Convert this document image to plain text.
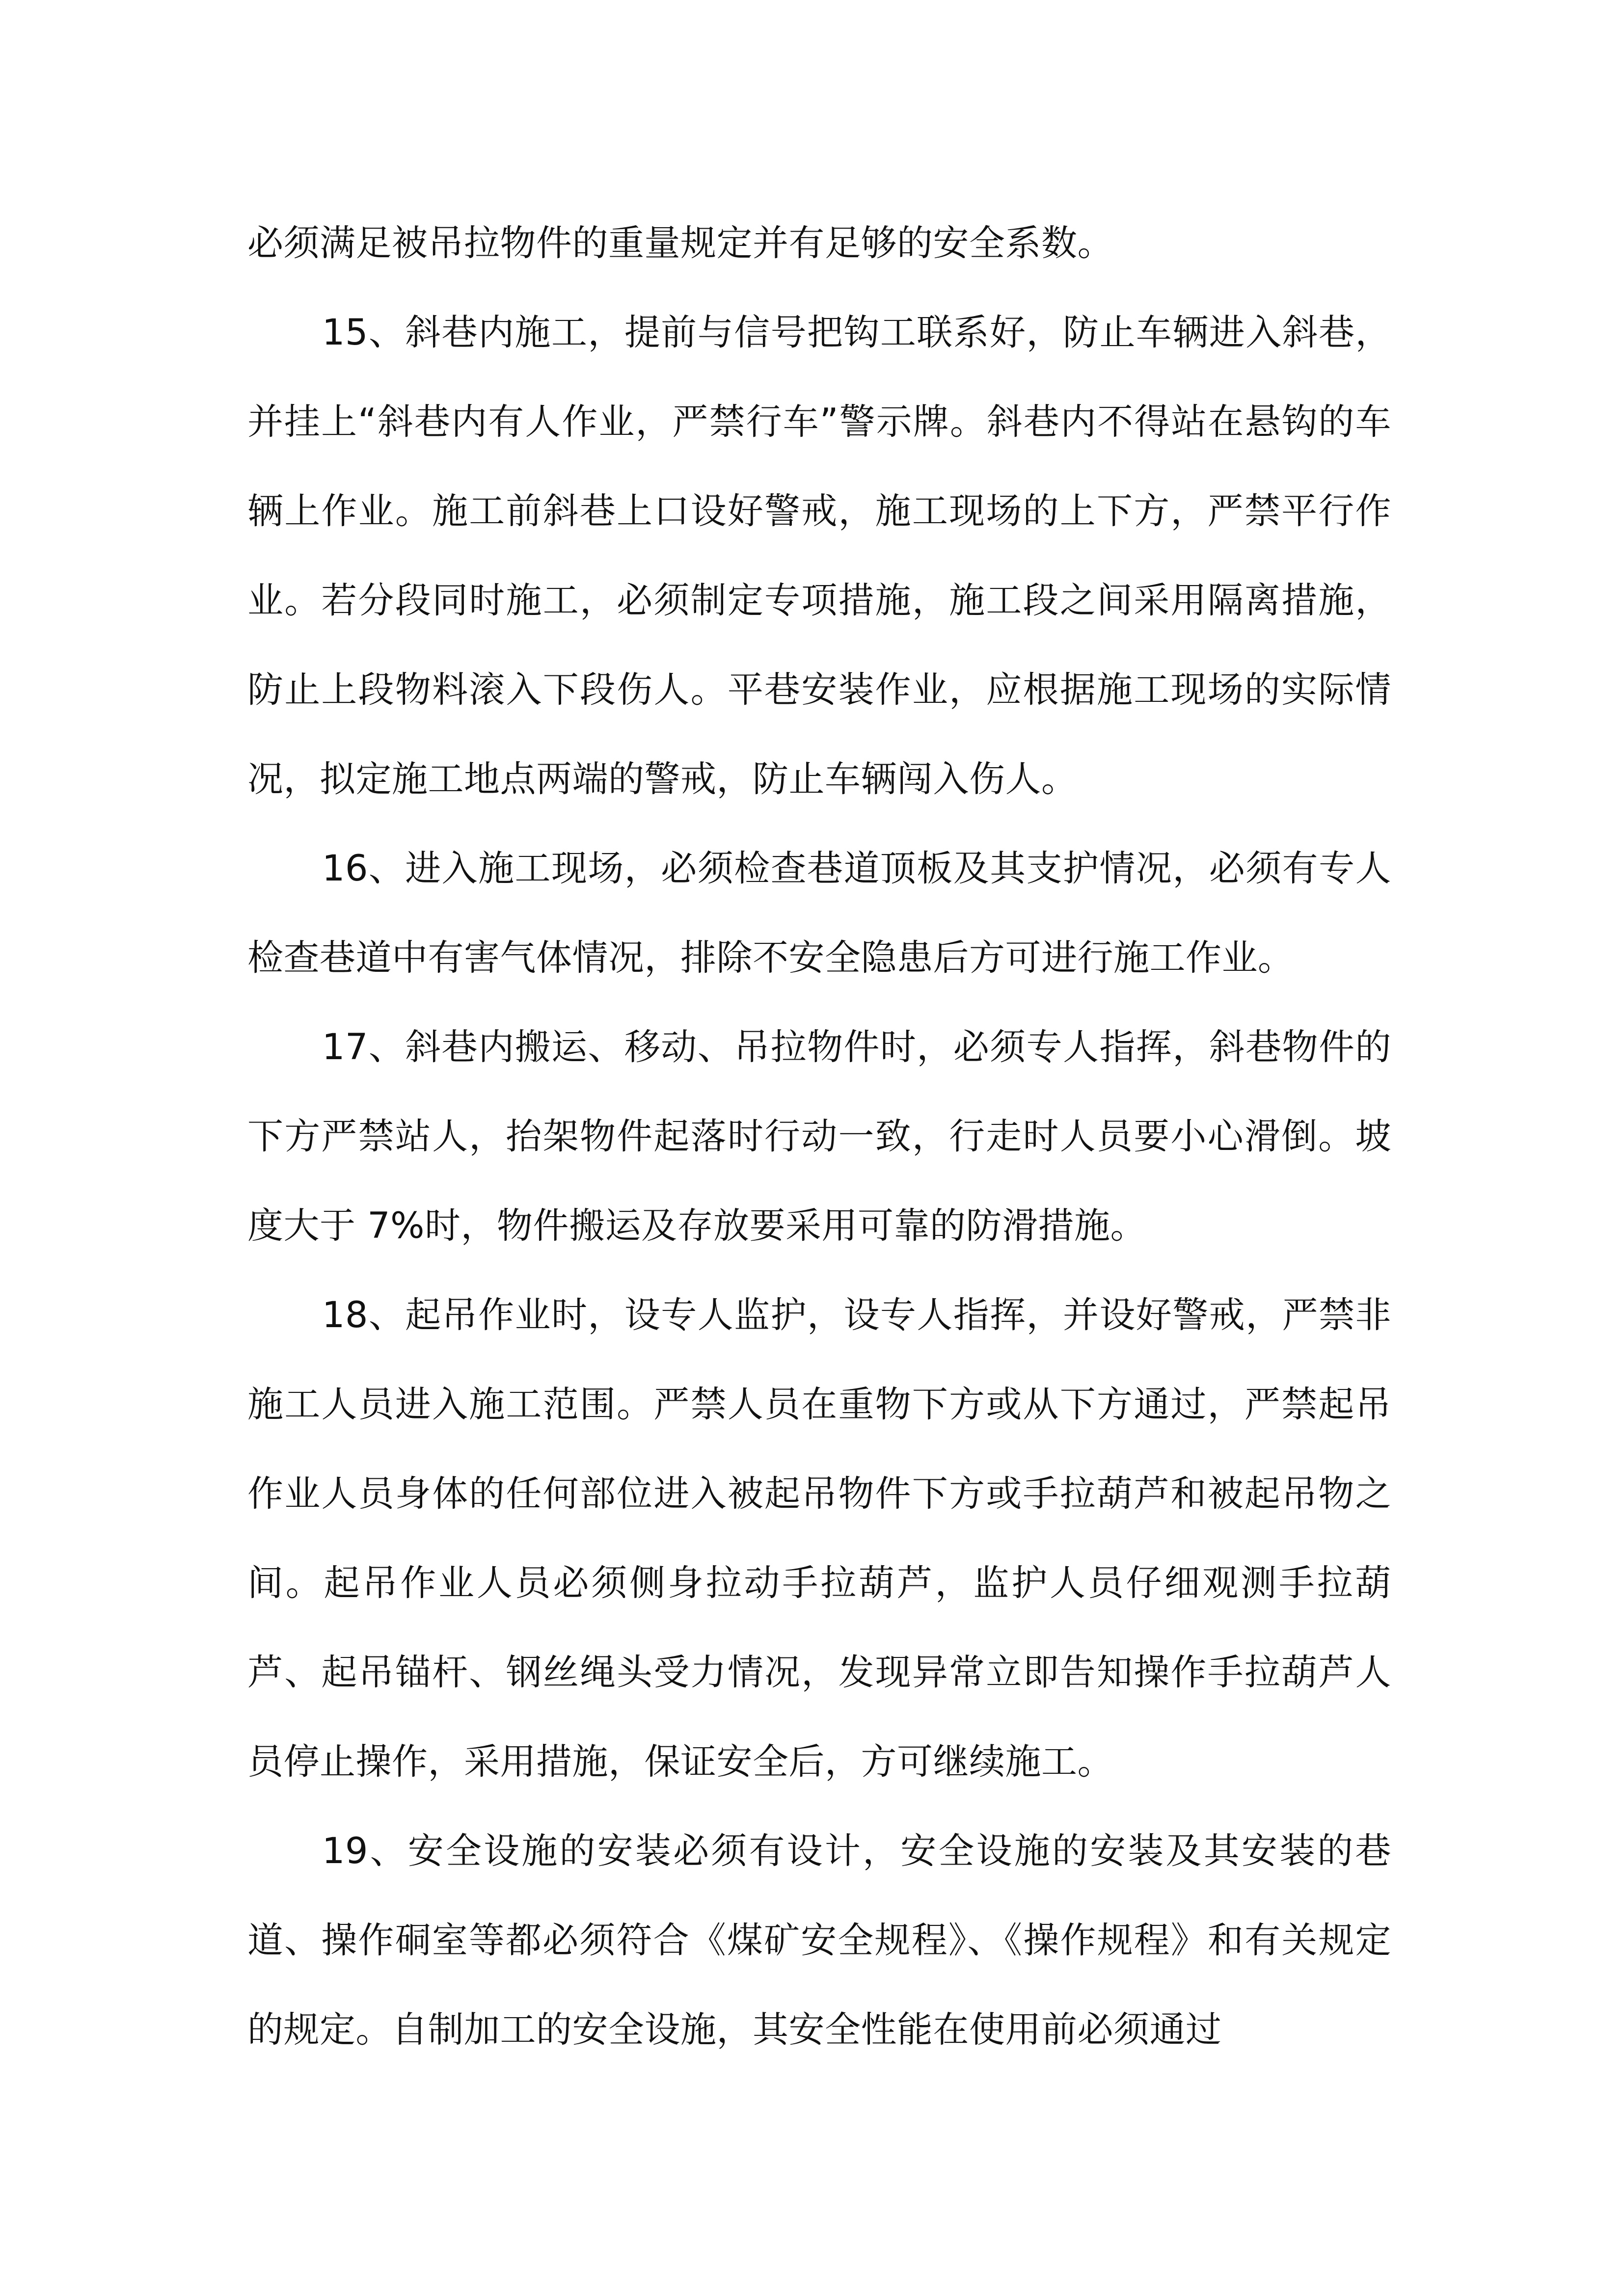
必须满足被吊拉物件的重量规定并有足够的安全系数。

15、斜巷内施工，提前与信号把钩工联系好，防止车辆进入斜巷，并挂上“斜巷内有人作业，严禁行车”警示牌。斜巷内不得站在悬钩的车辆上作业。施工前斜巷上口设好警戒，施工现场的上下方，严禁平行作业。若分段同时施工，必须制定专项措施，施工段之间采用隔离措施，防止上段物料滚入下段伤人。平巷安装作业，应根据施工现场的实际情况，拟定施工地点两端的警戒，防止车辆闯入伤人。

16、进入施工现场，必须检查巷道顶板及其支护情况，必须有专人检查巷道中有害气体情况，排除不安全隐患后方可进行施工作业。

17、斜巷内搬运、移动、吊拉物件时，必须专人指挥，斜巷物件的下方严禁站人，抬架物件起落时行动一致，行走时人员要小心滑倒。坡度大于 7%时，物件搬运及存放要采用可靠的防滑措施。

18、起吊作业时，设专人监护，设专人指挥，并设好警戒，严禁非施工人员进入施工范围。严禁人员在重物下方或从下方通过，严禁起吊作业人员身体的任何部位进入被起吊物件下方或手拉葫芦和被起吊物之间。起吊作业人员必须侧身拉动手拉葫芦，监护人员仔细观测手拉葫芦、起吊锚杆、钢丝绳头受力情况，发现异常立即告知操作手拉葫芦人员停止操作，采用措施，保证安全后，方可继续施工。

19、安全设施的安装必须有设计，安全设施的安装及其安装的巷道、操作硐室等都必须符合《煤矿安全规程》、《操作规程》和有关规定的规定。自制加工的安全设施，其安全性能在使用前必须通过
